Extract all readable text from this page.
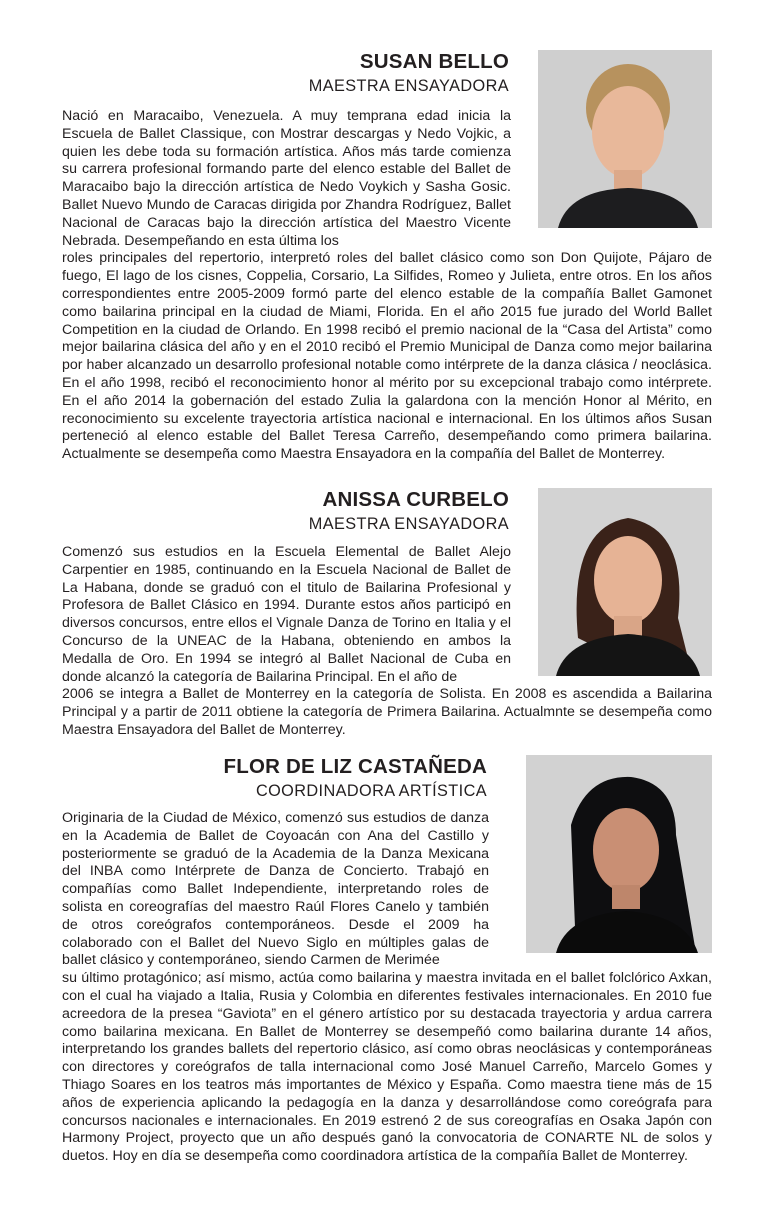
SUSAN BELLO

MAESTRA ENSAYADORA

Nació en Maracaibo, Venezuela. A muy temprana edad inicia la Escuela de Ballet Classique, con Mostrar descargas y Nedo Vojkic, a quien les debe toda su formación artística. Años más tarde comienza su carrera profesional formando parte del elenco estable del Ballet de Maracaibo bajo la dirección artística de Nedo Voykich y Sasha Gosic. Ballet Nuevo Mundo de Caracas dirigida por Zhandra Rodríguez, Ballet Nacional de Caracas bajo la dirección artística del Maestro Vicente Nebrada. Desempeñando en esta última los
roles principales del repertorio, interpretó roles del ballet clásico como son Don Quijote, Pájaro de fuego, El lago de los cisnes, Coppelia, Corsario, La Silfides, Romeo y Julieta, entre otros. En los años correspondientes entre 2005-2009 formó parte del elenco estable de la compañía Ballet Gamonet como bailarina principal en la ciudad de Miami, Florida. En el año 2015 fue jurado del World Ballet Competition en la ciudad de Orlando. En 1998 recibó el premio nacional de la “Casa del Artista” como mejor bailarina clásica del año y en el 2010 recibó el Premio Municipal de Danza como mejor bailarina por haber alcanzado un desarrollo profesional notable como intérprete de la danza clásica / neoclásica. En el año 1998, recibó el reconocimiento honor al mérito por su excepcional trabajo como intérprete. En el año 2014 la gobernación del estado Zulia la galardona con la mención Honor al Mérito, en reconocimiento su excelente trayectoria artística nacional e internacional. En los últimos años Susan perteneció al elenco estable del Ballet Teresa Carreño, desempeñando como primera bailarina. Actualmente se desempeña como Maestra Ensayadora en la compañía del Ballet de Monterrey.

ANISSA CURBELO

MAESTRA ENSAYADORA

Comenzó sus estudios en la Escuela Elemental de Ballet Alejo Carpentier en 1985, continuando en la Escuela Nacional de Ballet de La Habana, donde se graduó con el titulo de Bailarina Profesional y Profesora de Ballet Clásico en 1994. Durante estos años participó en diversos concursos, entre ellos el Vignale Danza de Torino en Italia y el Concurso de la UNEAC de la Habana, obteniendo en ambos la Medalla de Oro. En 1994 se integró al Ballet Nacional de Cuba en donde alcanzó la categoría de Bailarina Principal. En el año de
2006 se integra a Ballet de Monterrey en la categoría de Solista. En 2008 es ascendida a Bailarina Principal y a partir de 2011 obtiene la categoría de Primera Bailarina. Actualmnte se desempeña como Maestra Ensayadora del Ballet de Monterrey.

FLOR DE LIZ CASTAÑEDA

COORDINADORA ARTÍSTICA

Originaria de la Ciudad de México, comenzó sus estudios de danza en la Academia de Ballet de Coyoacán con Ana del Castillo y posteriormente se graduó de la Academia de la Danza Mexicana del INBA como Intérprete de Danza de Concierto. Trabajó en compañías como Ballet Independiente, interpretando roles de solista en coreografías del maestro Raúl Flores Canelo y también de otros coreógrafos contemporáneos. Desde el 2009 ha colaborado con el Ballet del Nuevo Siglo en múltiples galas de ballet clásico y contemporáneo, siendo Carmen de Merimée
su último protagónico; así mismo, actúa como bailarina y maestra invitada en el ballet folclórico Axkan, con el cual ha viajado a Italia, Rusia y Colombia en diferentes festivales internacionales. En 2010 fue acreedora de la presea “Gaviota” en el género artístico por su destacada trayectoria y ardua carrera como bailarina mexicana. En Ballet de Monterrey se desempeñó como bailarina durante 14 años, interpretando los grandes ballets del repertorio clásico, así como obras neoclásicas y contemporáneas con directores y coreógrafos de talla internacional como José Manuel Carreño, Marcelo Gomes y Thiago Soares en los teatros más importantes de México y España. Como maestra tiene más de 15 años de experiencia aplicando la pedagogía en la danza y desarrollándose como coreógrafa para concursos nacionales e internacionales. En 2019 estrenó 2 de sus coreografías en Osaka Japón con Harmony Project, proyecto que un año después ganó la convocatoria de CONARTE NL de solos y duetos. Hoy en día se desempeña como coordinadora artística de la compañía Ballet de Monterrey.
